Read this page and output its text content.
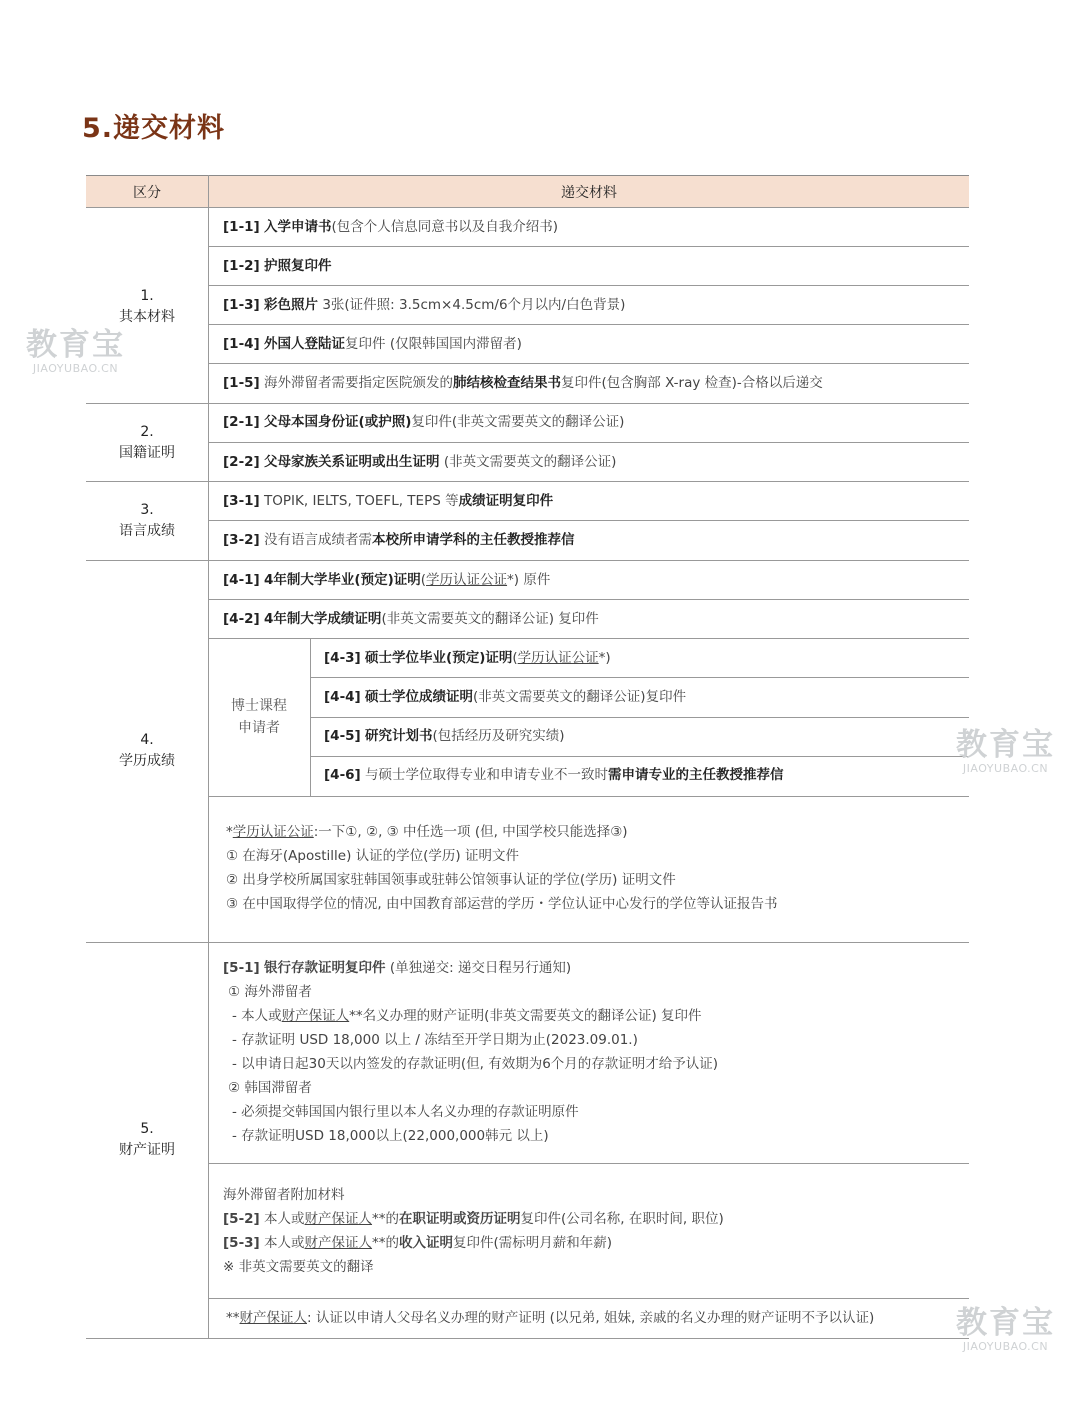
5.递交材料
区分	递交材料
1.
其本材料
2.
国籍证明
3.
语言成绩
4.
学历成绩
5.
财产证明
博士课程
申请者
[1-1] 入学申请书(包含个人信息同意书以及自我介绍书)
[1-2] 护照复印件
[1-3] 彩色照片 3张(证件照: 3.5cm×4.5cm/6个月以内/白色背景)
[1-4] 外国人登陆证复印件 (仅限韩国国内滞留者)
[1-5] 海外滞留者需要指定医院颁发的肺结核检查结果书复印件(包含胸部 X-ray 检查)-合格以后递交
[2-1] 父母本国身份证(或护照)复印件(非英文需要英文的翻译公证)
[2-2] 父母家族关系证明或出生证明 (非英文需要英文的翻译公证)
[3-1] TOPIK, IELTS, TOEFL, TEPS 等成绩证明复印件
[3-2] 没有语言成绩者需本校所申请学科的主任教授推荐信
[4-1] 4年制大学毕业(预定)证明(学历认证公证*) 原件
[4-2] 4年制大学成绩证明(非英文需要英文的翻译公证) 复印件
[4-3] 硕士学位毕业(预定)证明(学历认证公证*)
[4-4] 硕士学位成绩证明(非英文需要英文的翻译公证)复印件
[4-5] 研究计划书(包括经历及研究实绩)
[4-6] 与硕士学位取得专业和申请专业不一致时需申请专业的主任教授推荐信
*学历认证公证:一下①, ②, ③ 中任选一项 (但, 中国学校只能选择③)
① 在海牙(Apostille) 认证的学位(学历) 证明文件
② 出身学校所属国家驻韩国领事或驻韩公馆领事认证的学位(学历) 证明文件
③ 在中国取得学位的情况, 由中国教育部运营的学历・学位认证中心发行的学位等认证报告书
[5-1] 银行存款证明复印件 (单独递交: 递交日程另行通知)
① 海外滞留者
- 本人或财产保证人**名义办理的财产证明(非英文需要英文的翻译公证) 复印件
- 存款证明 USD 18,000 以上 / 冻结至开学日期为止(2023.09.01.)
- 以申请日起30天以内签发的存款证明(但, 有效期为6个月的存款证明才给予认证)
② 韩国滞留者
- 必须提交韩国国内银行里以本人名义办理的存款证明原件
- 存款证明USD 18,000以上(22,000,000韩元 以上)
海外滞留者附加材料
[5-2] 本人或财产保证人**的在职证明或资历证明复印件(公司名称, 在职时间, 职位)
[5-3] 本人或财产保证人**的收入证明复印件(需标明月薪和年薪)
※ 非英文需要英文的翻译
**财产保证人: 认证以申请人父母名义办理的财产证明 (以兄弟, 姐妹, 亲戚的名义办理的财产证明不予以认证)
教育宝
JIAOYUBAO.CN
教育宝
JIAOYUBAO.CN
教育宝
JIAOYUBAO.CN
